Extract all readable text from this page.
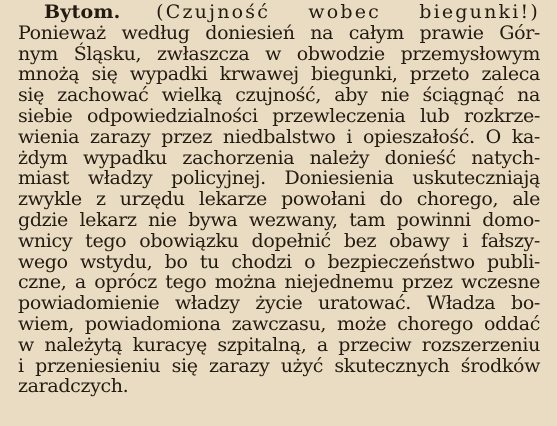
Bytom. (Czujność wobec biegunki!)
Ponieważ według doniesień na całym prawie Gór-
nym Śląsku, zwłaszcza w obwodzie przemysłowym
mnożą się wypadki krwawej biegunki, przeto zaleca
się zachować wielką czujność, aby nie ściągnąć na
siebie odpowiedzialności przewleczenia lub rozkrze-
wienia zarazy przez niedbalstwo i opieszałość. O ka-
żdym wypadku zachorzenia należy donieść natych-
miast władzy policyjnej. Doniesienia uskuteczniają
zwykle z urzędu lekarze powołani do chorego, ale
gdzie lekarz nie bywa wezwany, tam powinni domo-
wnicy tego obowiązku dopełnić bez obawy i fałszy-
wego wstydu, bo tu chodzi o bezpieczeństwo publi-
czne, a oprócz tego można niejednemu przez wczesne
powiadomienie władzy życie uratować. Władza bo-
wiem, powiadomiona zawczasu, może chorego oddać
w należytą kuracyę szpitalną, a przeciw rozszerzeniu
i przeniesieniu się zarazy użyć skutecznych środków
zaradczych.
